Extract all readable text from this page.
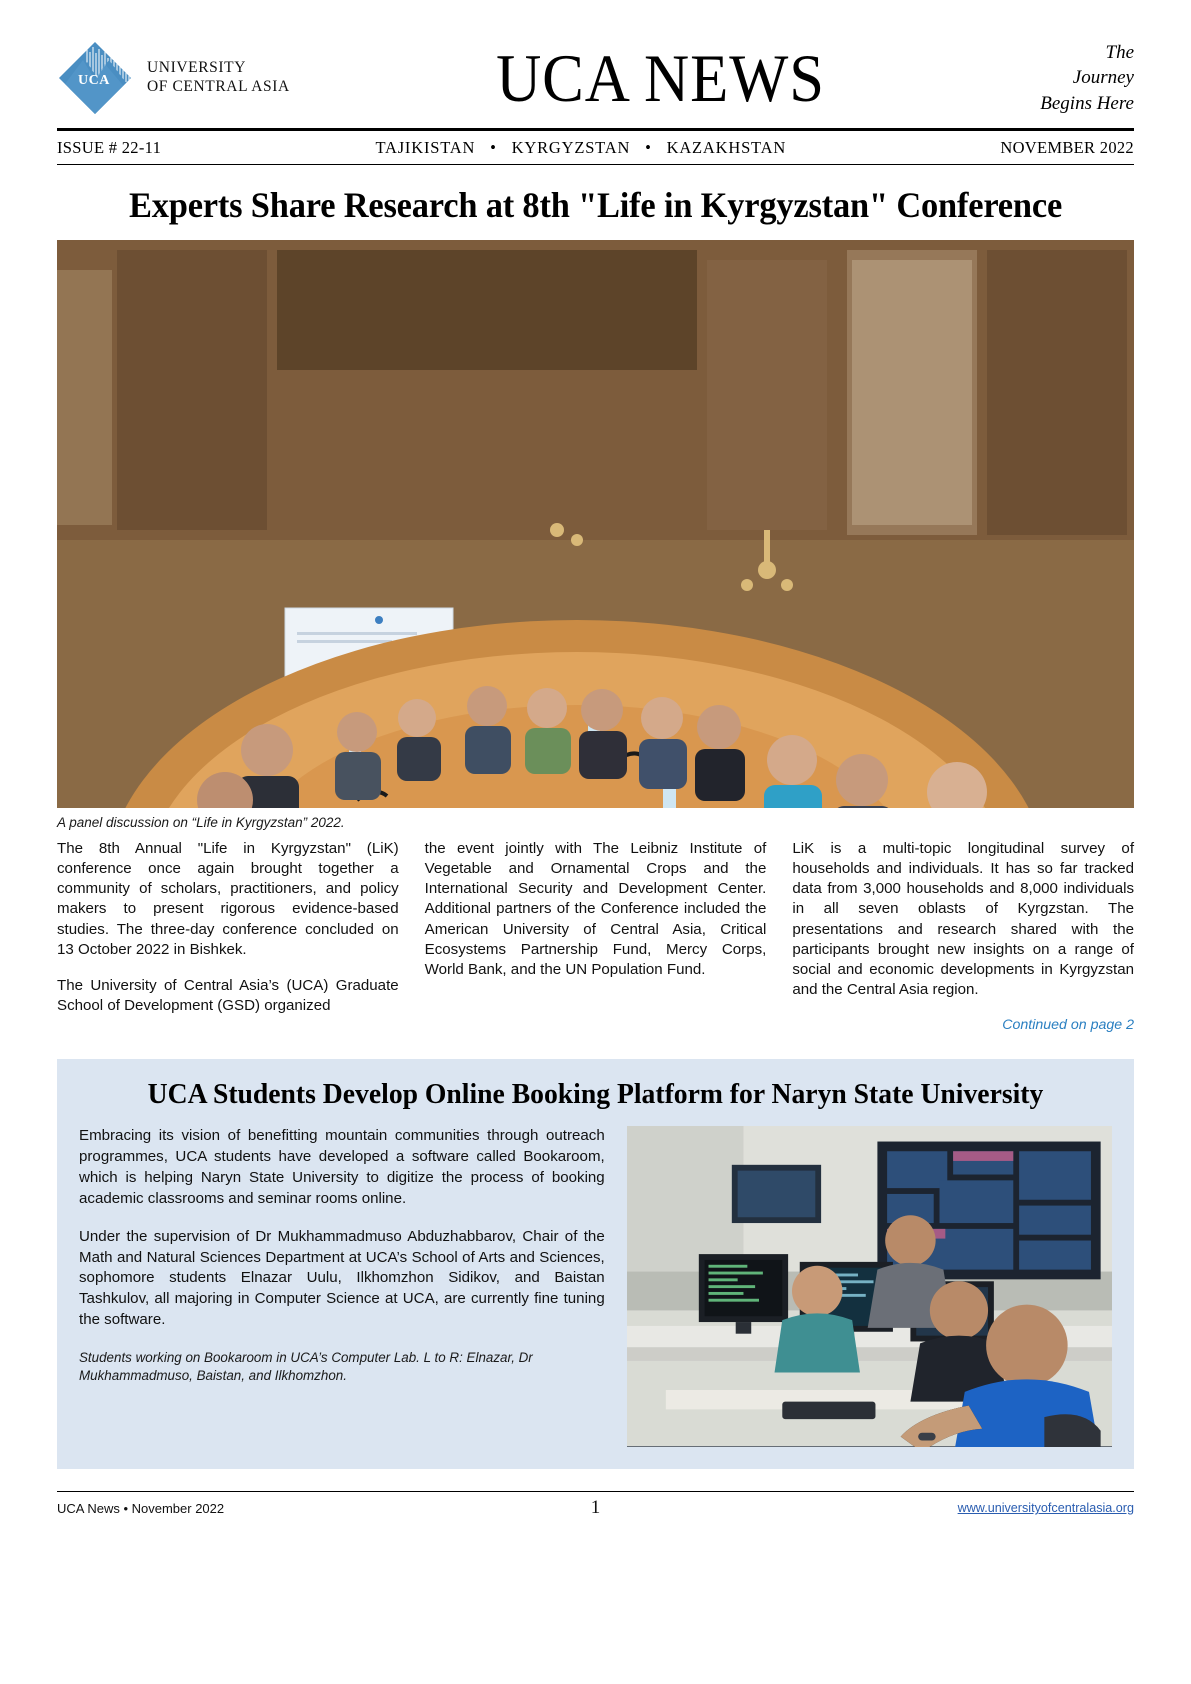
UCA
UNIVERSITY
OF CENTRAL ASIA	UCA NEWS	The
Journey
Begins Here
ISSUE # 22-11	TAJIKISTAN • KYRGYZSTAN • KAZAKHSTAN	NOVEMBER 2022
Experts Share Research at 8th "Life in Kyrgyzstan" Conference
A panel discussion on “Life in Kyrgyzstan” 2022.

The 8th Annual "Life in Kyrgyzstan" (LiK) conference once again brought together a community of scholars, practitioners, and policy makers to present rigorous evidence-based studies. The three-day conference concluded on 13 October 2022 in Bishkek.

The University of Central Asia’s (UCA) Graduate School of Development (GSD) organized

the event jointly with The Leibniz Institute of Vegetable and Ornamental Crops and the International Security and Development Center. Additional partners of the Conference included the American University of Central Asia, Critical Ecosystems Partnership Fund, Mercy Corps, World Bank, and the UN Population Fund.

LiK is a multi-topic longitudinal survey of households and individuals. It has so far tracked data from 3,000 households and 8,000 individuals in all seven oblasts of Kyrgzstan. The presentations and research shared with the participants brought new insights on a range of social and economic developments in Kyrgyzstan and the Central Asia region.

Continued on page 2
UCA Students Develop Online Booking Platform for Naryn State University

Embracing its vision of benefitting mountain communities through outreach programmes, UCA students have developed a software called Bookaroom, which is helping Naryn State University to digitize the process of booking academic classrooms and seminar rooms online.

Under the supervision of Dr Mukhammadmuso Abduzhabbarov, Chair of the Math and Natural Sciences Department at UCA’s School of Arts and Sciences, sophomore students Elnazar Uulu, Ilkhomzhon Sidikov, and Baistan Tashkulov, all majoring in Computer Science at UCA, are currently fine tuning the software.

Students working on Bookaroom in UCA’s Computer Lab. L to R: Elnazar, Dr Mukhammadmuso, Baistan, and Ilkhomzhon.
UCA News • November 2022	1	www.universityofcentralasia.org
